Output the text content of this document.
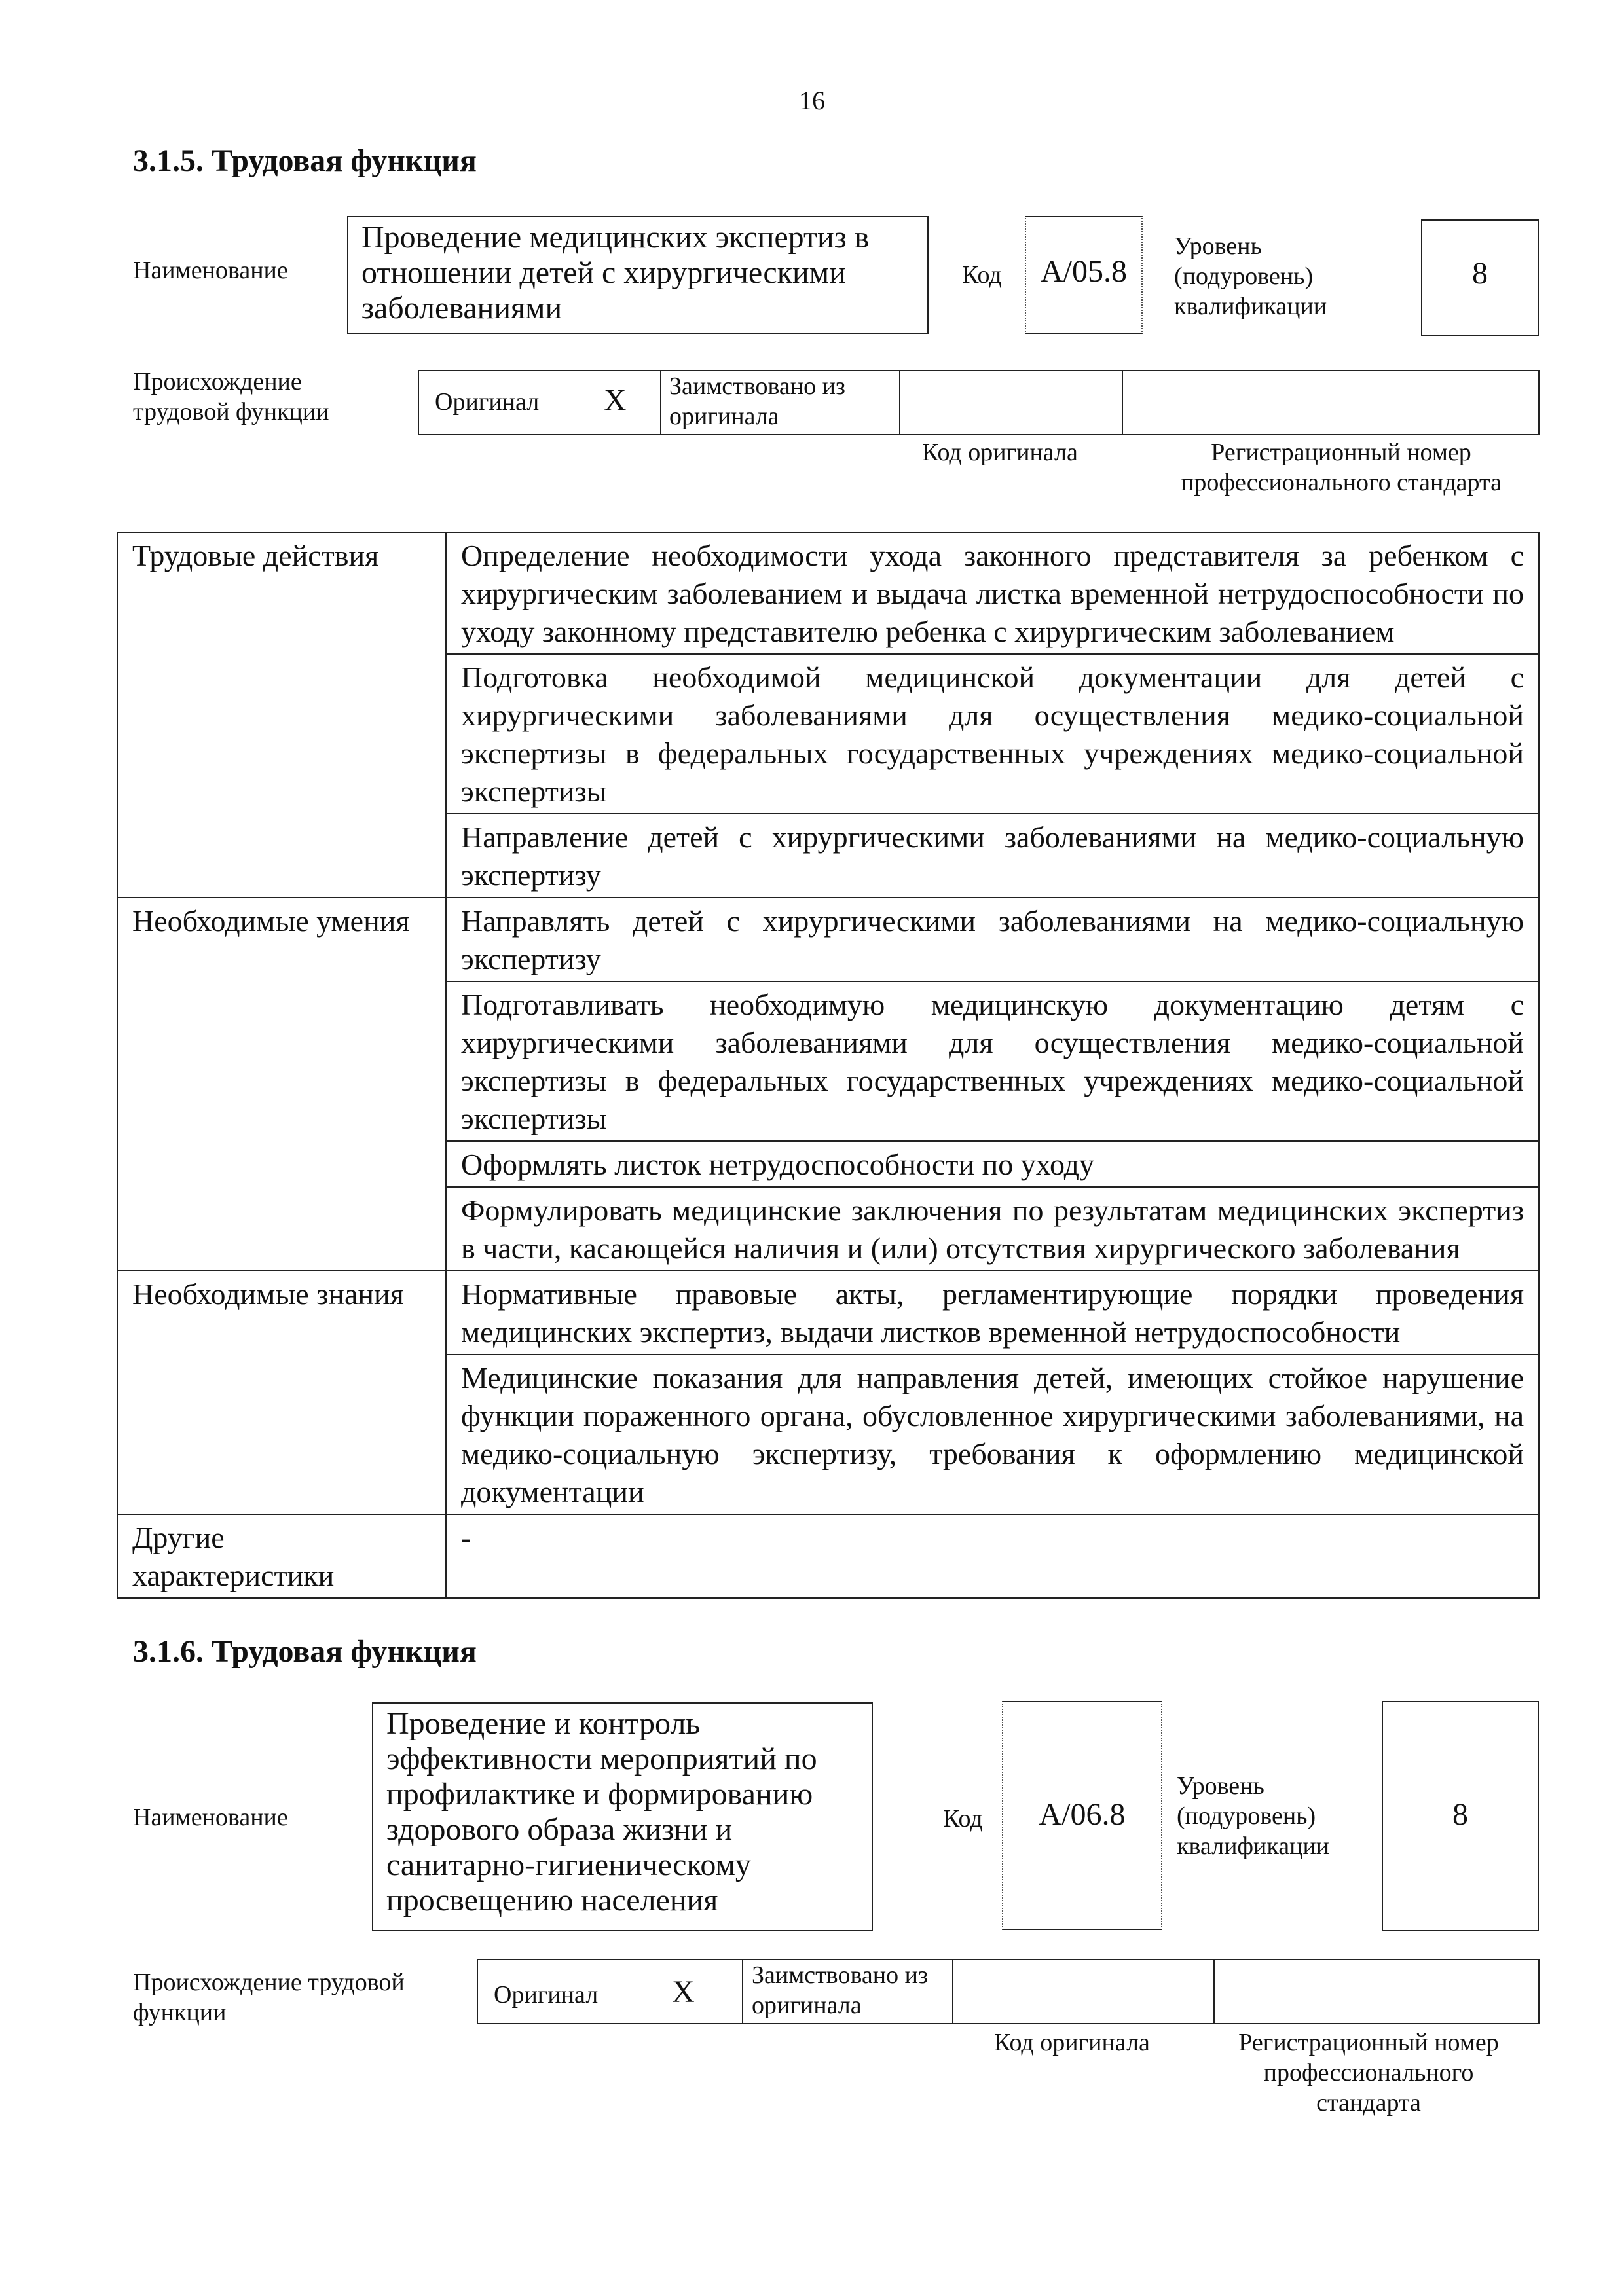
16
3.1.5. Трудовая функция
Наименование
Проведение медицинских экспертиз в отношении детей с хирургическими заболеваниями
Код	A/05.8
Уровень (подуровень) квалификации
8
Происхождение трудовой функции	Оригинал X Заимствовано из оригинала
Код оригинала	Регистрационный номер профессионального стандарта
Трудовые действия	Определение необходимости ухода законного представителя за ребенком с хирургическим заболеванием и выдача листка временной нетрудоспособности по уходу законному представителю ребенка с хирургическим заболеванием
	Подготовка необходимой медицинской документации для детей с хирургическими заболеваниями для осуществления медико-социальной экспертизы в федеральных государственных учреждениях медико-социальной экспертизы
	Направление детей с хирургическими заболеваниями на медико-социальную экспертизу
Необходимые умения	Направлять детей с хирургическими заболеваниями на медико-социальную экспертизу
	Подготавливать необходимую медицинскую документацию детям с хирургическими заболеваниями для осуществления медико-социальной экспертизы в федеральных государственных учреждениях медико-социальной экспертизы
	Оформлять листок нетрудоспособности по уходу
	Формулировать медицинские заключения по результатам медицинских экспертиз в части, касающейся наличия и (или) отсутствия хирургического заболевания
Необходимые знания	Нормативные правовые акты, регламентирующие порядки проведения медицинских экспертиз, выдачи листков временной нетрудоспособности
	Медицинские показания для направления детей, имеющих стойкое нарушение функции пораженного органа, обусловленное хирургическими заболеваниями, на медико-социальную экспертизу, требования к оформлению медицинской документации
Другие характеристики	-
3.1.6. Трудовая функция
Наименование
Проведение и контроль эффективности мероприятий по профилактике и формированию здорового образа жизни и санитарно-гигиеническому просвещению населения
Код	A/06.8
Уровень (подуровень) квалификации
8
Происхождение трудовой функции
Оригинал X Заимствовано из оригинала
Код оригинала	Регистрационный номер профессионального стандарта
